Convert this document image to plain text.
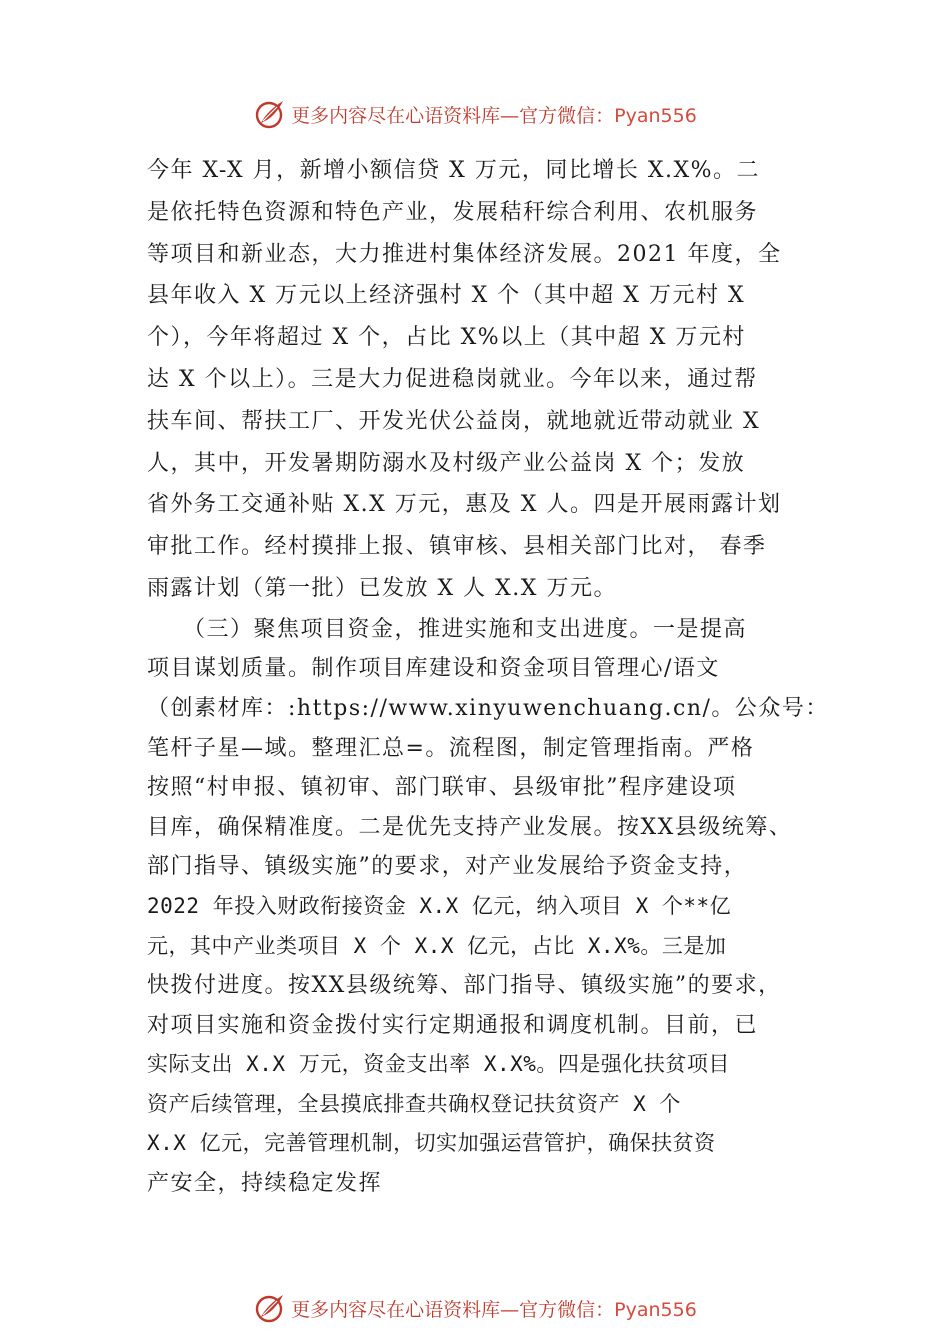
更多内容尽在心语资料库—官方微信：Pyan556
今年 X-X 月，新增小额信贷 X 万元，同比增长 X.X%。二
是依托特色资源和特色产业，发展秸秆综合利用、农机服务
等项目和新业态，大力推进村集体经济发展。2021 年度，全
县年收入 X 万元以上经济强村 X 个（其中超 X 万元村 X
个），今年将超过 X 个，占比 X%以上（其中超 X 万元村
达 X 个以上）。三是大力促进稳岗就业。今年以来，通过帮
扶车间、帮扶工厂、开发光伏公益岗，就地就近带动就业 X
人，其中，开发暑期防溺水及村级产业公益岗 X 个；发放
省外务工交通补贴 X.X 万元，惠及 X 人。四是开展雨露计划
审批工作。经村摸排上报、镇审核、县相关部门比对， 春季
雨露计划（第一批）已发放 X 人 X.X 万元。
　　（三）聚焦项目资金，推进实施和支出进度。一是提高
项目谋划质量。制作项目库建设和资金项目管理心/语文
（创素材库：:https://www.xinyuwenchuang.cn/。公众号：
笔杆子星—域。整理汇总=。流程图，制定管理指南。严格
按照“村申报、镇初审、部门联审、县级审批”程序建设项
目库，确保精准度。二是优先支持产业发展。按XX县级统筹、
部门指导、镇级实施”的要求，对产业发展给予资金支持，
2022 年投入财政衔接资金 X.X 亿元，纳入项目 X 个**亿
元，其中产业类项目 X 个 X.X 亿元，占比 X.X%。三是加
快拨付进度。按XX县级统筹、部门指导、镇级实施”的要求，
对项目实施和资金拨付实行定期通报和调度机制。目前，已
实际支出 X.X 万元，资金支出率 X.X%。四是强化扶贫项目
资产后续管理，全县摸底排查共确权登记扶贫资产 X 个
X.X 亿元，完善管理机制，切实加强运营管护，确保扶贫资
产安全，持续稳定发挥
更多内容尽在心语资料库—官方微信：Pyan556
